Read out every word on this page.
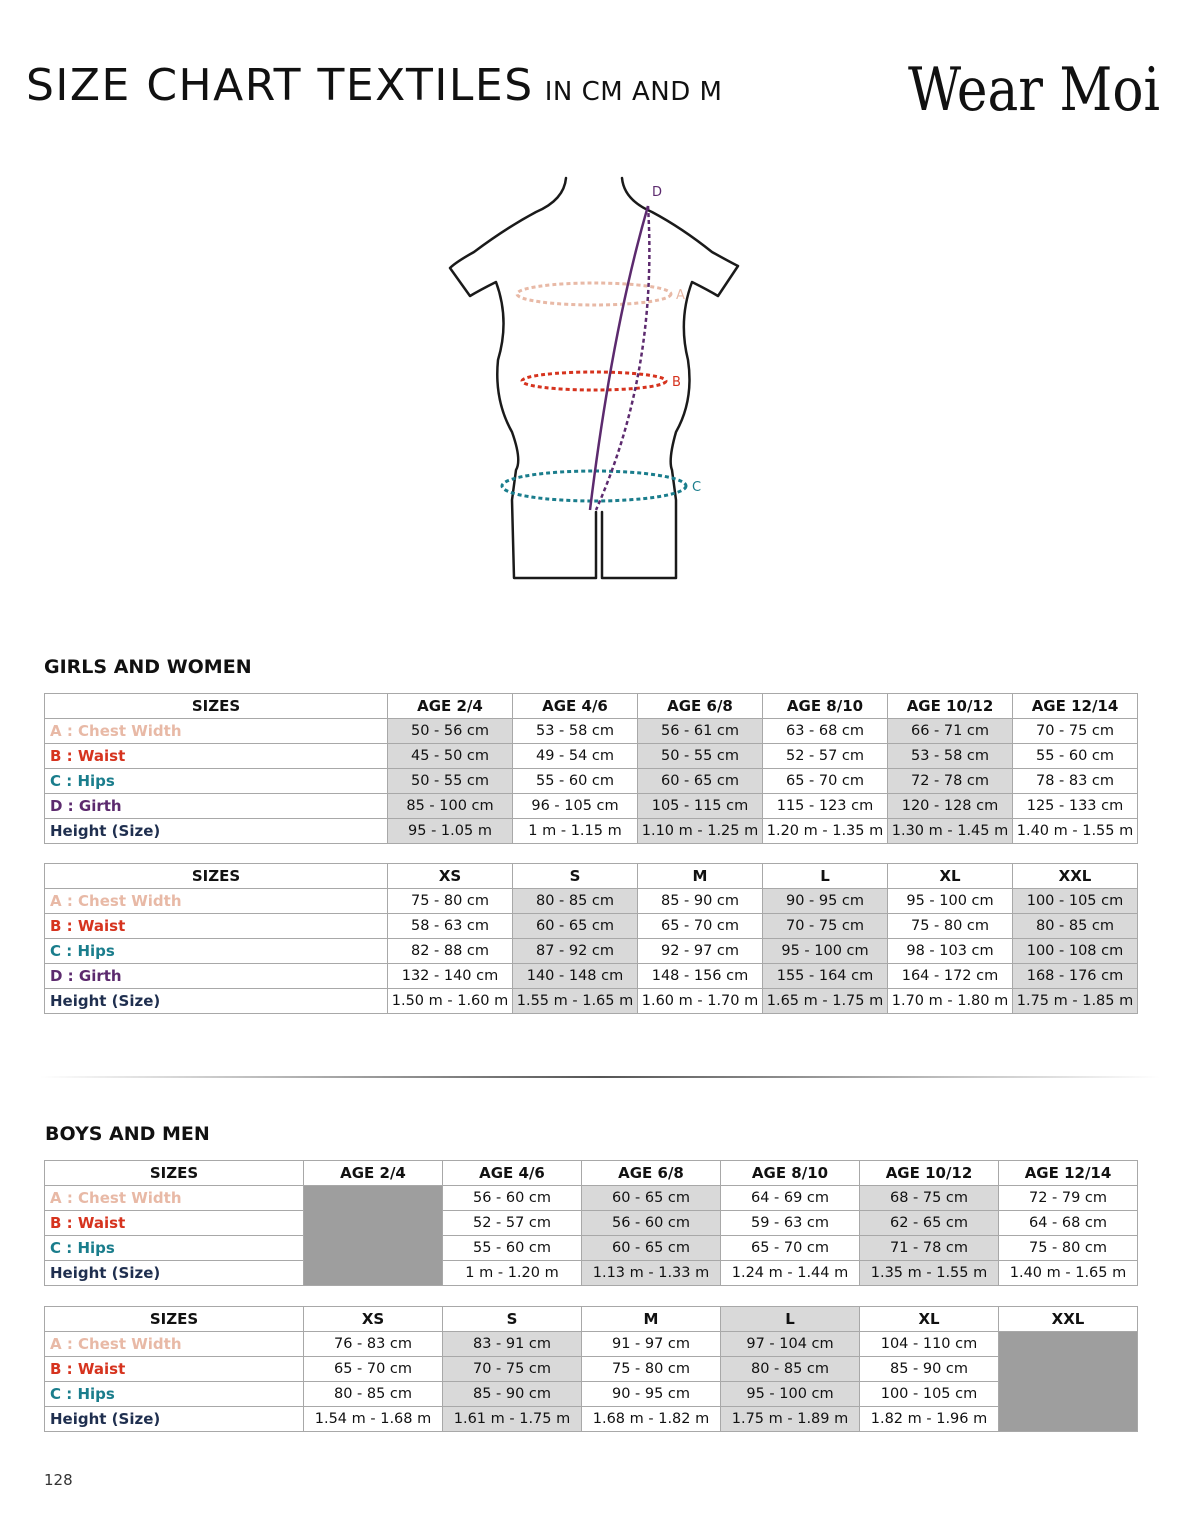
SIZE CHART TEXTILES IN CM AND M	Wear Moi
A
B
C
D
GIRLS AND WOMEN
SIZES	AGE 2/4	AGE 4/6	AGE 6/8	AGE 8/10	AGE 10/12	AGE 12/14
A : Chest Width	50 - 56 cm	53 - 58 cm	56 - 61 cm	63 - 68 cm	66 - 71 cm	70 - 75 cm
B : Waist	45 - 50 cm	49 - 54 cm	50 - 55 cm	52 - 57 cm	53 - 58 cm	55 - 60 cm
C : Hips	50 - 55 cm	55 - 60 cm	60 - 65 cm	65 - 70 cm	72 - 78 cm	78 - 83 cm
D : Girth	85 - 100 cm	96 - 105 cm	105 - 115 cm	115 - 123 cm	120 - 128 cm	125 - 133 cm
Height (Size)	95 - 1.05 m	1 m - 1.15 m	1.10 m - 1.25 m	1.20 m - 1.35 m	1.30 m - 1.45 m	1.40 m - 1.55 m
SIZES	XS	S	M	L	XL	XXL
A : Chest Width	75 - 80 cm	80 - 85 cm	85 - 90 cm	90 - 95 cm	95 - 100 cm	100 - 105 cm
B : Waist	58 - 63 cm	60 - 65 cm	65 - 70 cm	70 - 75 cm	75 - 80 cm	80 - 85 cm
C : Hips	82 - 88 cm	87 - 92 cm	92 - 97 cm	95 - 100 cm	98 - 103 cm	100 - 108 cm
D : Girth	132 - 140 cm	140 - 148 cm	148 - 156 cm	155 - 164 cm	164 - 172 cm	168 - 176 cm
Height (Size)	1.50 m - 1.60 m	1.55 m - 1.65 m	1.60 m - 1.70 m	1.65 m - 1.75 m	1.70 m - 1.80 m	1.75 m - 1.85 m
BOYS AND MEN
SIZES	AGE 2/4	AGE 4/6	AGE 6/8	AGE 8/10	AGE 10/12	AGE 12/14
A : Chest Width		56 - 60 cm	60 - 65 cm	64 - 69 cm	68 - 75 cm	72 - 79 cm
B : Waist		52 - 57 cm	56 - 60 cm	59 - 63 cm	62 - 65 cm	64 - 68 cm
C : Hips		55 - 60 cm	60 - 65 cm	65 - 70 cm	71 - 78 cm	75 - 80 cm
Height (Size)		1 m - 1.20 m	1.13 m - 1.33 m	1.24 m - 1.44 m	1.35 m - 1.55 m	1.40 m - 1.65 m
SIZES	XS	S	M	L	XL	XXL
A : Chest Width	76 - 83 cm	83 - 91 cm	91 - 97 cm	97 - 104 cm	104 - 110 cm	
B : Waist	65 - 70 cm	70 - 75 cm	75 - 80 cm	80 - 85 cm	85 - 90 cm	
C : Hips	80 - 85 cm	85 - 90 cm	90 - 95 cm	95 - 100 cm	100 - 105 cm	
Height (Size)	1.54 m - 1.68 m	1.61 m - 1.75 m	1.68 m - 1.82 m	1.75 m - 1.89 m	1.82 m - 1.96 m	
128
